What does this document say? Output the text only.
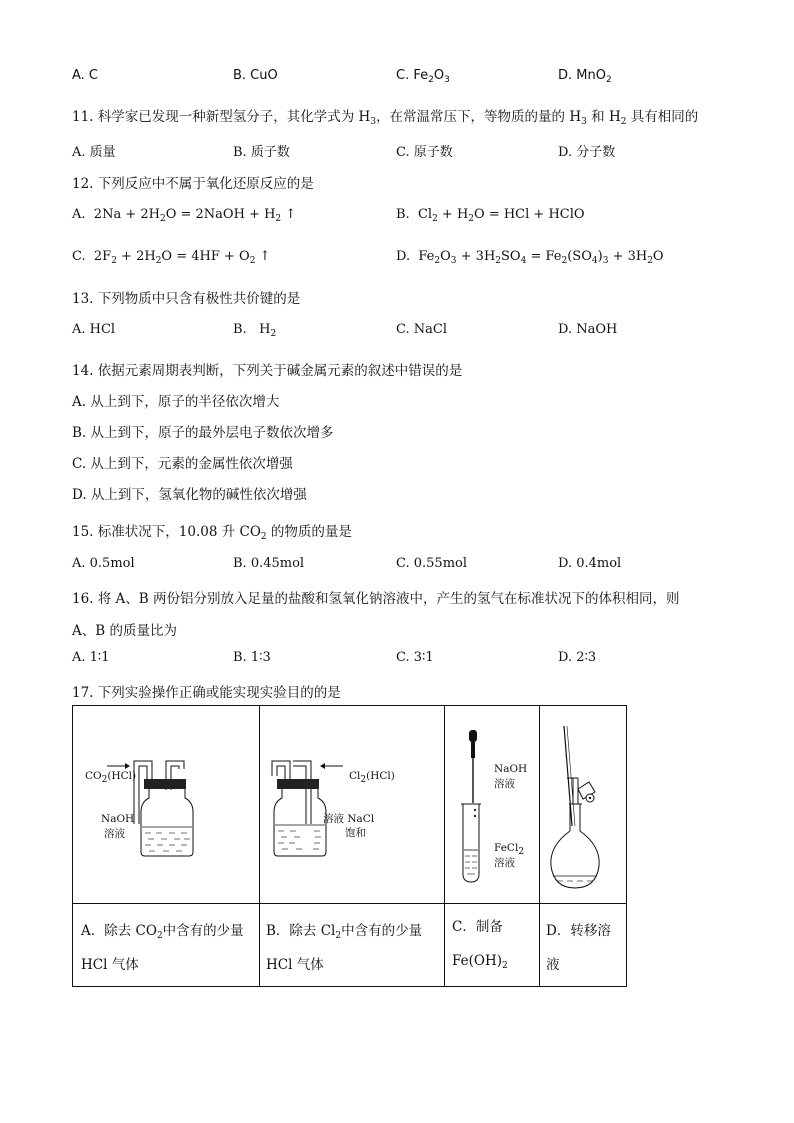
A. C	B. CuO	C. $Fe_2O_3$	D. MnO$_2$
11. 科学家已发现一种新型氢分子，其化学式为 $H_3$，在常温常压下，等物质的量的 $H_3$ 和 $H_2$ 具有相同的
A. 质量	B. 质子数	C. 原子数	D. 分子数
12. 下列反应中不属于氧化还原反应的是
A.  $2Na + 2H_2O$ = 2NaOH + $H_2$ ↑	B.  $Cl_2 + H_2O$ = HCl + HClO
C.  $2F_2 + 2H_2O = 4HF + O_2$ ↑	D.  $Fe_2O_3 + 3H_2SO_4 = Fe_2(SO_4)_3 + 3H_2O$
13. 下列物质中只含有极性共价键的是
A. HCl	B. $H_2$	C. NaCl	D. NaOH
14. 依据元素周期表判断，下列关于碱金属元素的叙述中错误的是
A. 从上到下，原子的半径依次增大
B. 从上到下，原子的最外层电子数依次增多
C. 从上到下，元素的金属性依次增强
D. 从上到下，氢氧化物的碱性依次增强
15. 标准状况下，10.08 升 $CO_2$ 的物质的量是
A. 0.5mol	B. 0.45mol	C. 0.55mol	D. 0.4mol
16. 将 A、B 两份铝分别放入足量的盐酸和氢氧化钠溶液中，产生的氢气在标准状况下的体积相同，则
A、B 的质量比为
A. 1∶1	B. 1∶3	C. 3∶1	D. 2∶3
17. 下列实验操作正确或能实现实验目的的是
$CO_2(HCl)$
NaOH
溶液
$Cl_2(HCl)$
溶液 NaCl
饱和
NaOH
溶液
FeCl$_2$
溶液
A．除去 $CO_2$中含有的少量
HCl 气体
B．除去 $Cl_2$中含有的少量
HCl 气体
C．制备
$Fe(OH)_2$
D．转移溶
液
